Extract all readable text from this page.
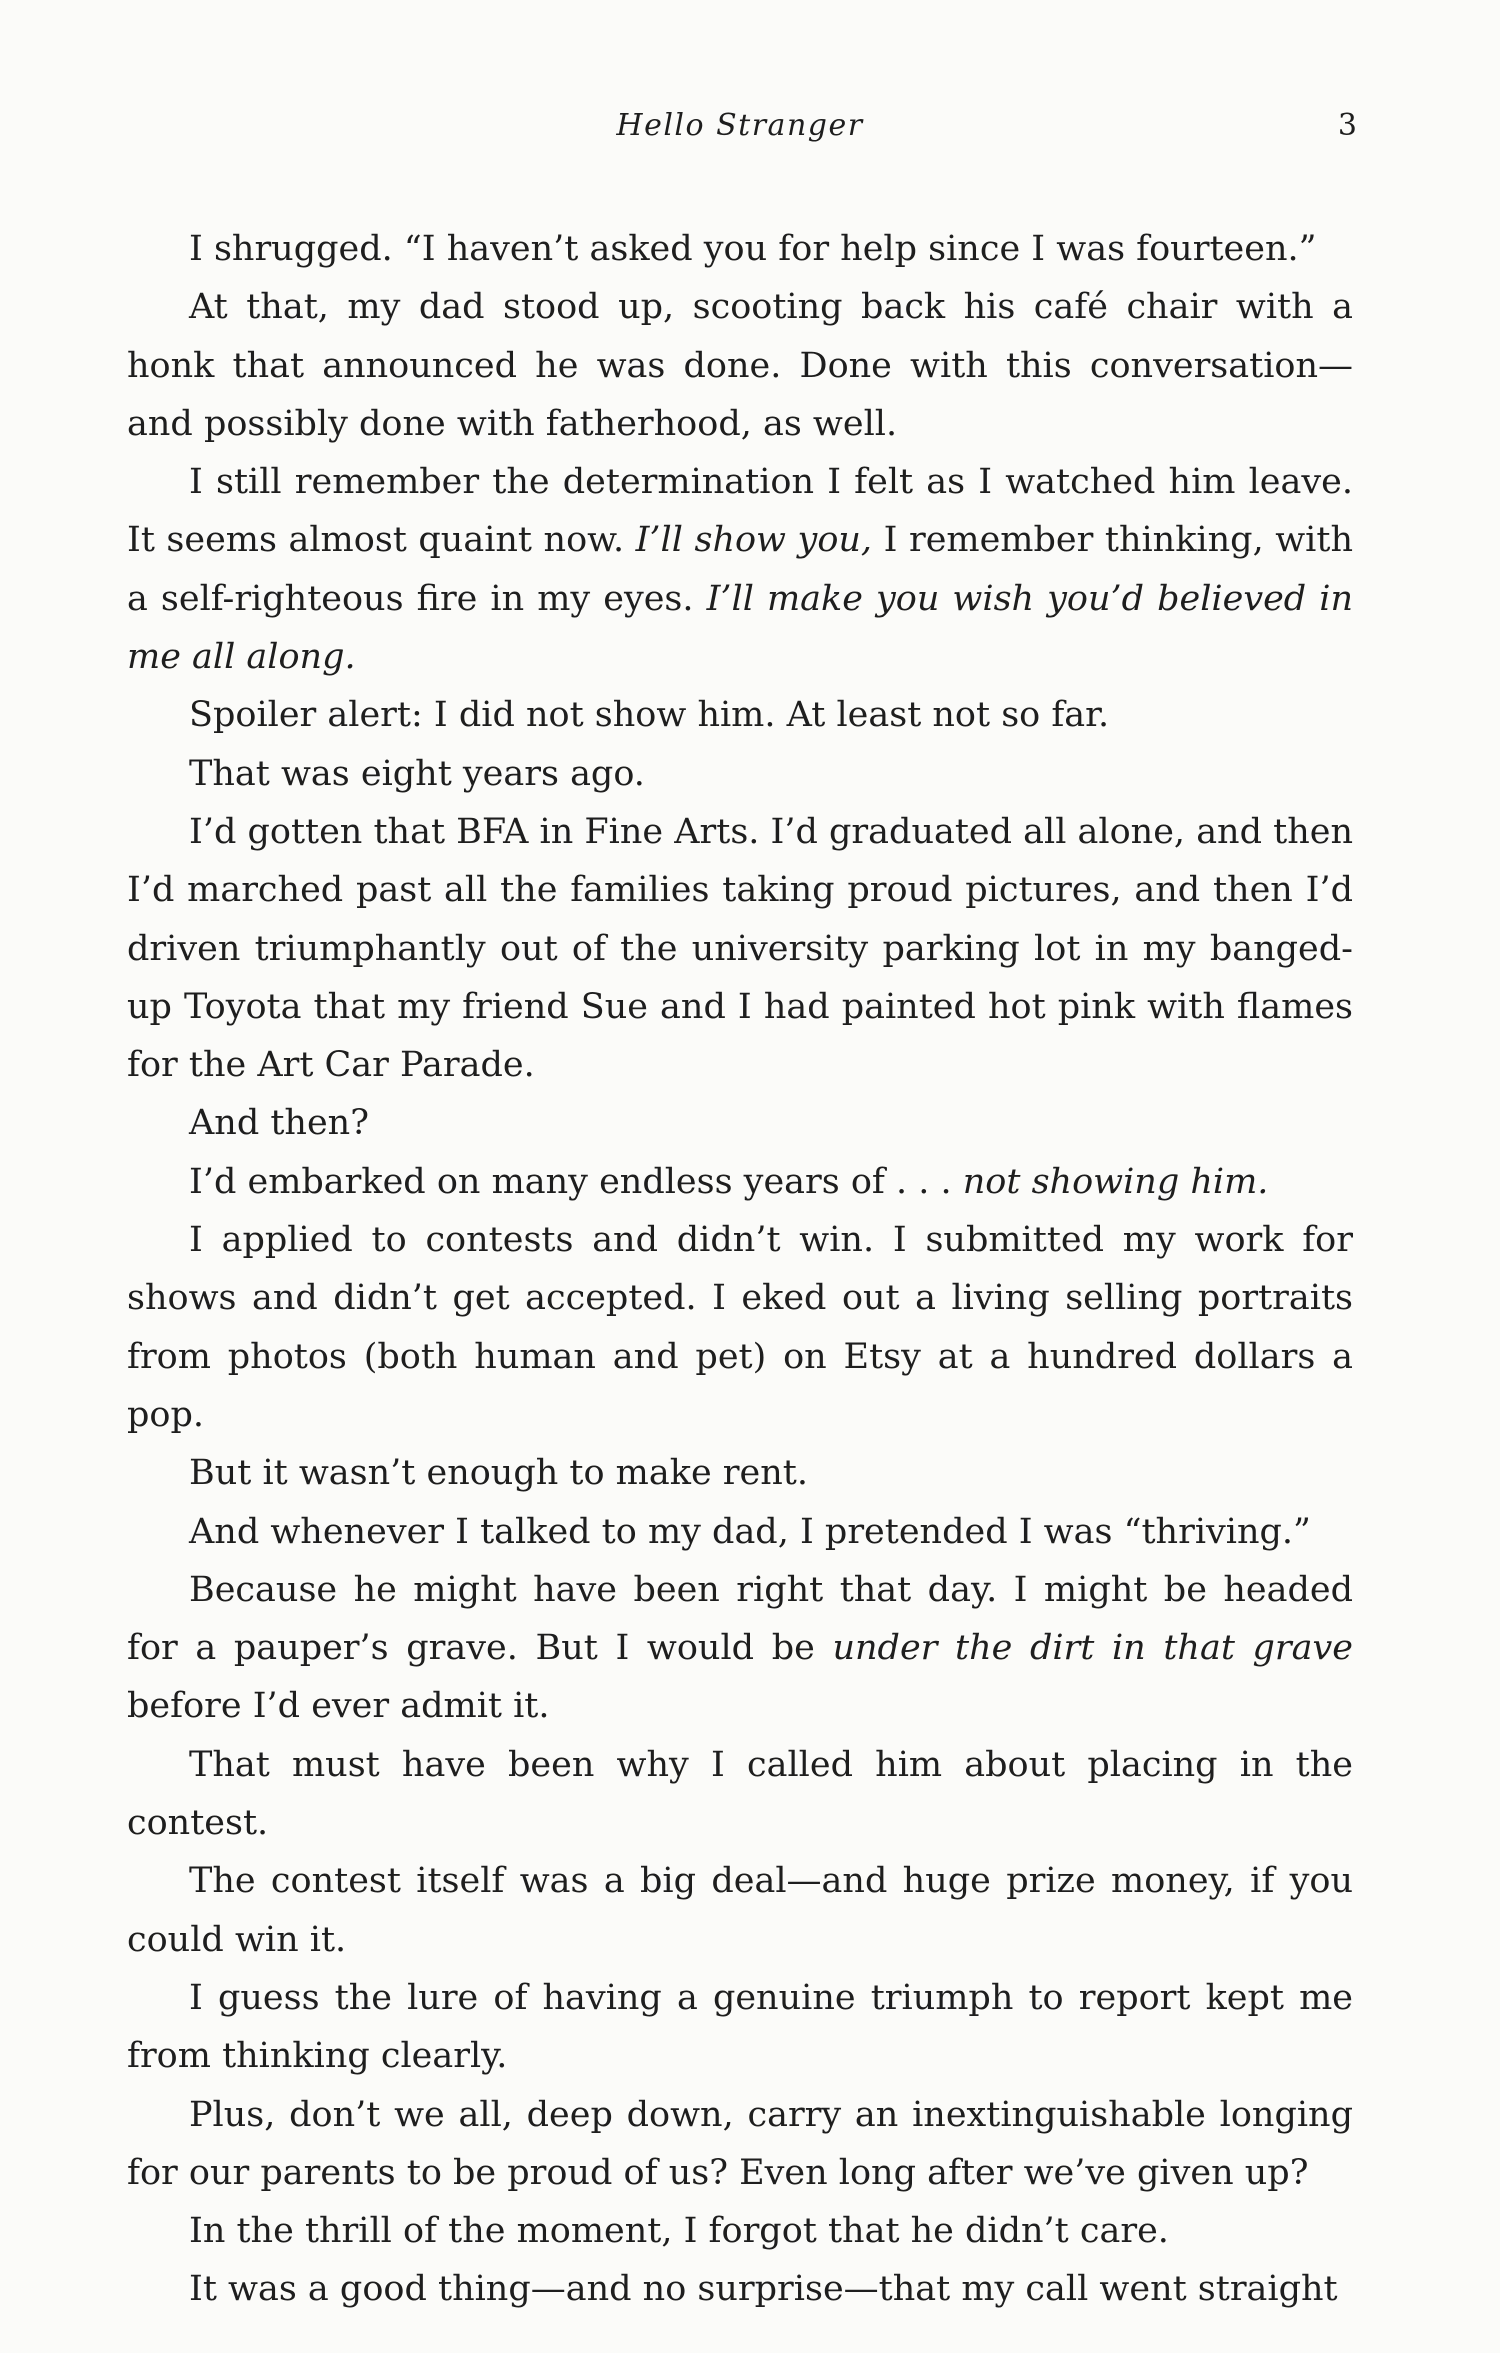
Hello Stranger	3

I shrugged. “I haven’t asked you for help since I was fourteen.”

At that, my dad stood up, scooting back his café chair with a honk that announced he was done. Done with this conversation—and possibly done with fatherhood, as well.

I still remember the determination I felt as I watched him leave. It seems almost quaint now. I’ll show you, I remember thinking, with a self-righteous fire in my eyes. I’ll make you wish you’d believed in me all along.

Spoiler alert: I did not show him. At least not so far.

That was eight years ago.

I’d gotten that BFA in Fine Arts. I’d graduated all alone, and then I’d marched past all the families taking proud pictures, and then I’d driven triumphantly out of the university parking lot in my banged-up Toyota that my friend Sue and I had painted hot pink with flames for the Art Car Parade.

And then?

I’d embarked on many endless years of . . . not showing him.

I applied to contests and didn’t win. I submitted my work for shows and didn’t get accepted. I eked out a living selling portraits from photos (both human and pet) on Etsy at a hundred dollars a pop.

But it wasn’t enough to make rent.

And whenever I talked to my dad, I pretended I was “thriving.”

Because he might have been right that day. I might be headed for a pauper’s grave. But I would be under the dirt in that grave before I’d ever admit it.

That must have been why I called him about placing in the contest.

The contest itself was a big deal—and huge prize money, if you could win it.

I guess the lure of having a genuine triumph to report kept me from thinking clearly.

Plus, don’t we all, deep down, carry an inextinguishable longing for our parents to be proud of us? Even long after we’ve given up?

In the thrill of the moment, I forgot that he didn’t care.

It was a good thing—and no surprise—that my call went straight
